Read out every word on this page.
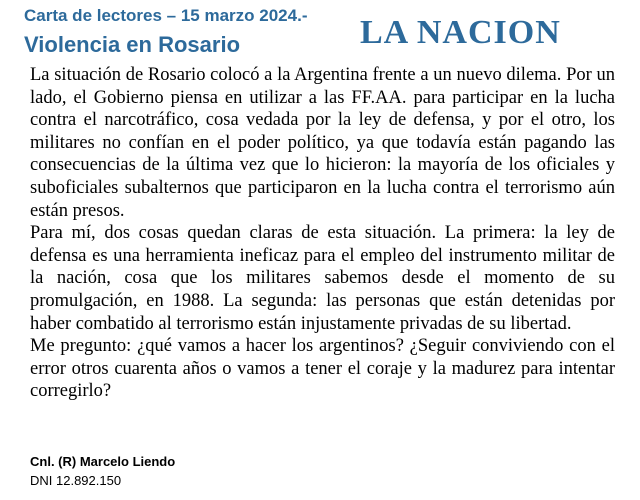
Carta de lectores – 15 marzo 2024.-
Violencia en Rosario	LA NACION

La situación de Rosario colocó a la Argentina frente a un nuevo dilema. Por un lado, el Gobierno piensa en utilizar a las FF.AA. para participar en la lucha contra el narcotráfico, cosa vedada por la ley de defensa, y por el otro, los militares no confían en el poder político, ya que todavía están pagando las consecuencias de la última vez que lo hicieron: la mayoría de los oficiales y suboficiales subalternos que participaron en la lucha contra el terrorismo aún están presos.

Para mí, dos cosas quedan claras de esta situación. La primera: la ley de defensa es una herramienta ineficaz para el empleo del instrumento militar de la nación, cosa que los militares sabemos desde el momento de su promulgación, en 1988. La segunda: las personas que están detenidas por haber combatido al terrorismo están injustamente privadas de su libertad.

Me pregunto: ¿qué vamos a hacer los argentinos? ¿Seguir conviviendo con el error otros cuarenta años o vamos a tener el coraje y la madurez para intentar corregirlo?

Cnl. (R) Marcelo Liendo
DNI 12.892.150
